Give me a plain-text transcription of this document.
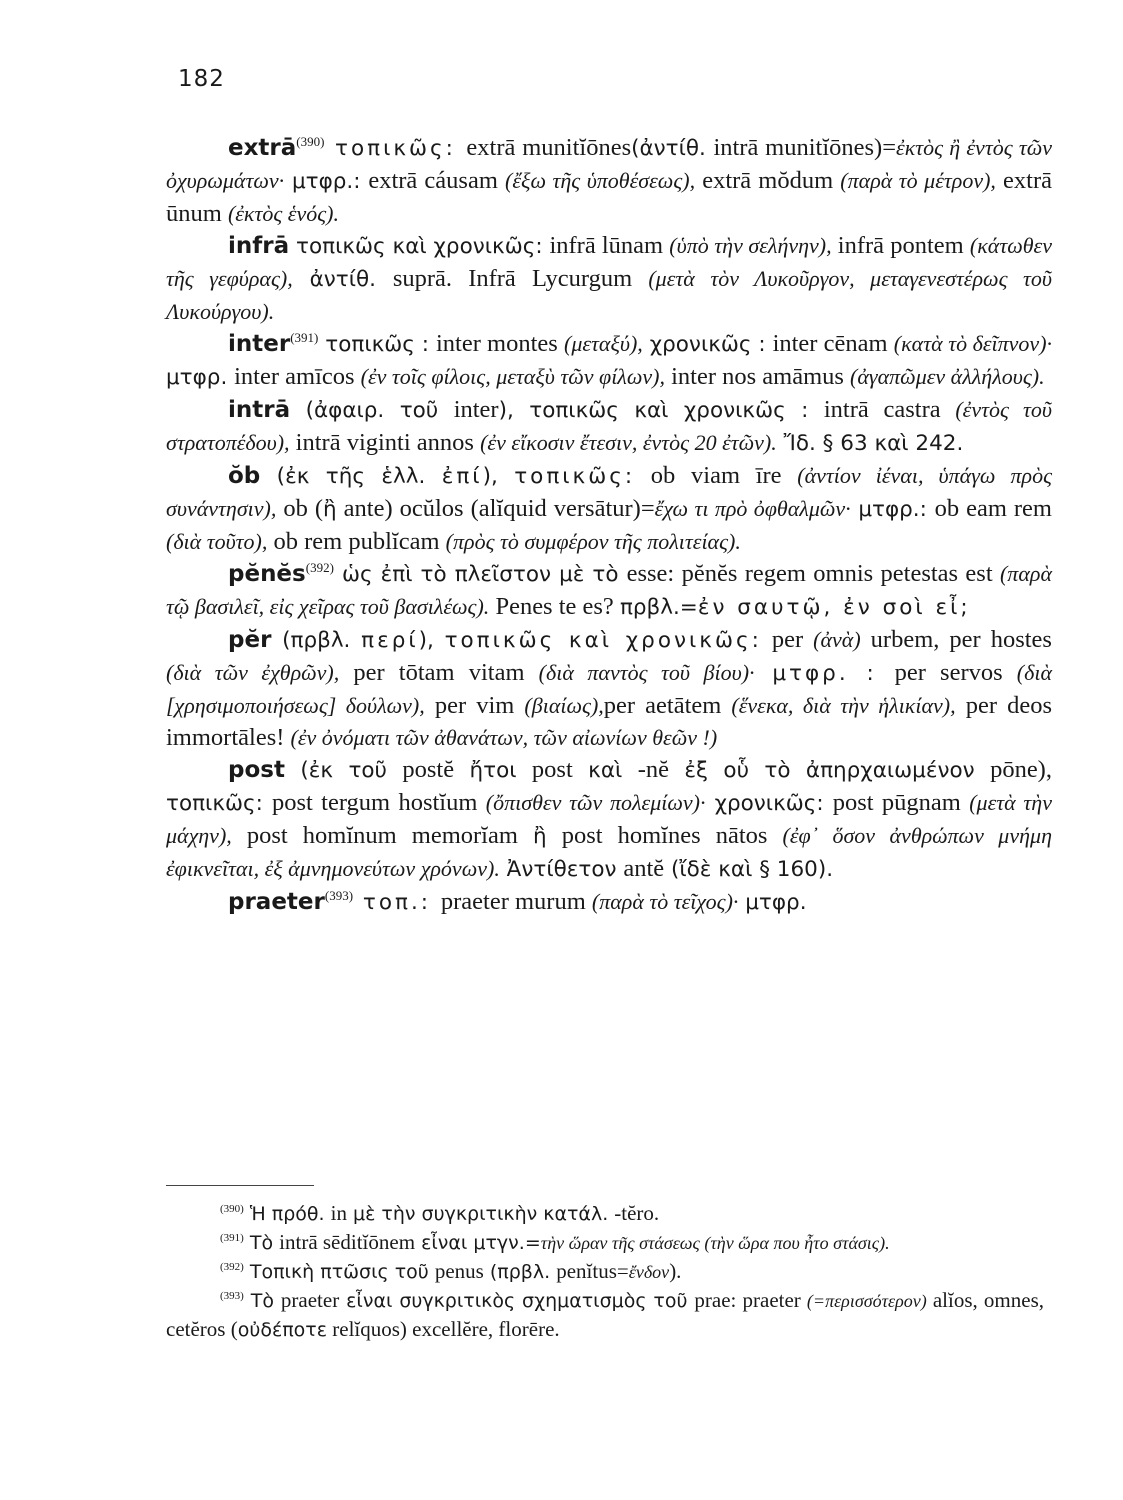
182

extrā$^{(390)}$ τοπικῶς: extrā munitĭōnes(ἀντίθ. intrā munitĭōnes)=ἐκτὸς ἢ ἐντὸς τῶν ὀχυρωμάτων· μτφρ.: extrā cáusam (ἔξω τῆς ὑποθέσεως), extrā mŏdum (παρὰ τὸ μέτρον), extrā ūnum (ἐκτὸς ἑνός).

infrā τοπικῶς καὶ χρονικῶς: infrā lūnam (ὑπὸ τὴν σελήνην), infrā pontem (κάτωθεν τῆς γεφύρας), ἀντίθ. suprā. Infrā Lycurgum (μετὰ τὸν Λυκοῦργον, μεταγενεστέρως τοῦ Λυκούργου).

inter$^{(391)}$ τοπικῶς : inter montes (μεταξύ), χρονικῶς : inter cēnam (κατὰ τὸ δεῖπνον)· μτφρ. inter amīcos (ἐν τοῖς φίλοις, μεταξὺ τῶν φίλων), inter nos amāmus (ἀγαπῶμεν ἀλλήλους).

intrā (ἀφαιρ. τοῦ inter), τοπικῶς καὶ χρονικῶς : intrā castra (ἐντὸς τοῦ στρατοπέδου), intrā viginti annos (ἐν εἴκοσιν ἔτεσιν, ἐντὸς 20 ἐτῶν). Ἴδ. § 63 καὶ 242.

ŏb (ἐκ τῆς ἑλλ. ἐπί), τοπικῶς: ob viam īre (ἀντίον ἰέναι, ὑπάγω πρὸς συνάντησιν), ob (ἢ ante) ocŭlos (alĭquid versātur)=ἔχω τι πρὸ ὀφθαλμῶν· μτφρ.: ob eam rem (διὰ τοῦτο), ob rem publĭcam (πρὸς τὸ συμφέρον τῆς πολιτείας).

pĕnĕs$^{(392)}$ ὡς ἐπὶ τὸ πλεῖστον μὲ τὸ esse: pĕnĕs regem omnis petestas est (παρὰ τῷ βασιλεῖ, εἰς χεῖρας τοῦ βασιλέως). Penes te es? πρβλ.=ἐν σαυτῷ, ἐν σοὶ εἶ;

pĕr (πρβλ. περί), τοπικῶς καὶ χρονικῶς: per (ἀνὰ) urbem, per hostes (διὰ τῶν ἐχθρῶν), per tōtam vitam (διὰ παντὸς τοῦ βίου)· μτφρ. : per servos (διὰ [χρησιμοποιήσεως] δούλων), per vim (βιαίως),per aetātem (ἕνεκα, διὰ τὴν ἡλικίαν), per deos immortāles! (ἐν ὀνόματι τῶν ἀθανάτων, τῶν αἰωνίων θεῶν !)

post (ἐκ τοῦ postĕ ἤτοι post καὶ -nĕ ἐξ οὗ τὸ ἀπηρχαιωμένον pōne), τοπικῶς: post tergum hostĭum (ὄπισθεν τῶν πολεμίων)· χρονικῶς: post pūgnam (μετὰ τὴν μάχην), post homĭnum memorĭam ἢ post homĭnes nātos (ἐφ᾽ ὅσον ἀνθρώπων μνήμη ἐφικνεῖται, ἐξ ἀμνημονεύτων χρόνων). Ἀντίθετον antĕ (ἴδὲ καὶ § 160).

praeter$^{(393)}$ τοπ.: praeter murum (παρὰ τὸ τεῖχος)· μτφρ.

$^{(390)}$ Ἡ πρόθ. in μὲ τὴν συγκριτικὴν κατάλ. -tĕro.

$^{(391)}$ Τὸ intrā sēditĭōnem εἶναι μτγν.=τὴν ὥραν τῆς στάσεως (τὴν ὥρα που ἦτο στάσις).

$^{(392)}$ Τοπικὴ πτῶσις τοῦ penus (πρβλ. penĭtus=ἔνδον).

$^{(393)}$ Τὸ praeter εἶναι συγκριτικὸς σχηματισμὸς τοῦ prae: praeter (=περισσότερον) alĭos, omnes, cetĕros (οὐδέποτε relĭquos) excellĕre, florēre.
